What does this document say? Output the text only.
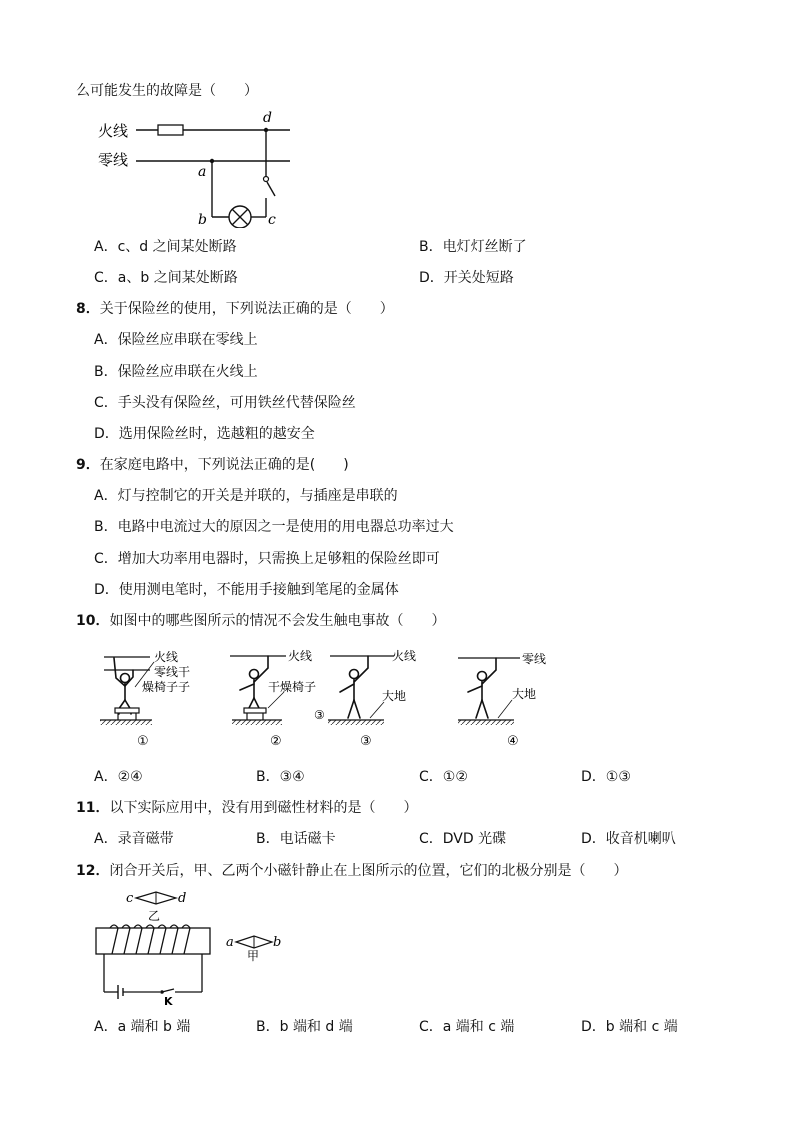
么可能发生的故障是（　　）
火线
零线
d
a
b	c
A．c、d 之间某处断路	B．电灯灯丝断了
C．a、b 之间某处断路	D．开关处短路
8．关于保险丝的使用，下列说法正确的是（　　）
A．保险丝应串联在零线上
B．保险丝应串联在火线上
C．手头没有保险丝，可用铁丝代替保险丝
D．选用保险丝时，选越粗的越安全
9．在家庭电路中，下列说法正确的是(　　)
A．灯与控制它的开关是并联的，与插座是串联的
B．电路中电流过大的原因之一是使用的用电器总功率过大
C．增加大功率用电器时，只需换上足够粗的保险丝即可
D．使用测电笔时，不能用手接触到笔尾的金属体
10．如图中的哪些图所示的情况不会发生触电事故（　　）
火线
零线干
燥椅子子
①
火线
干燥椅子
②
火线
大地
③
③
零线
大地
④
A．②④	B．③④	C．①②	D．①③
11．以下实际应用中，没有用到磁性材料的是（　　）
A．录音磁带	B．电话磁卡	C．DVD 光碟	D．收音机喇叭
12．闭合开关后，甲、乙两个小磁针静止在上图所示的位置，它们的北极分别是（　　）
c	d
乙
K
a	b
甲
A．a 端和 b 端	B．b 端和 d 端	C．a 端和 c 端	D．b 端和 c 端
